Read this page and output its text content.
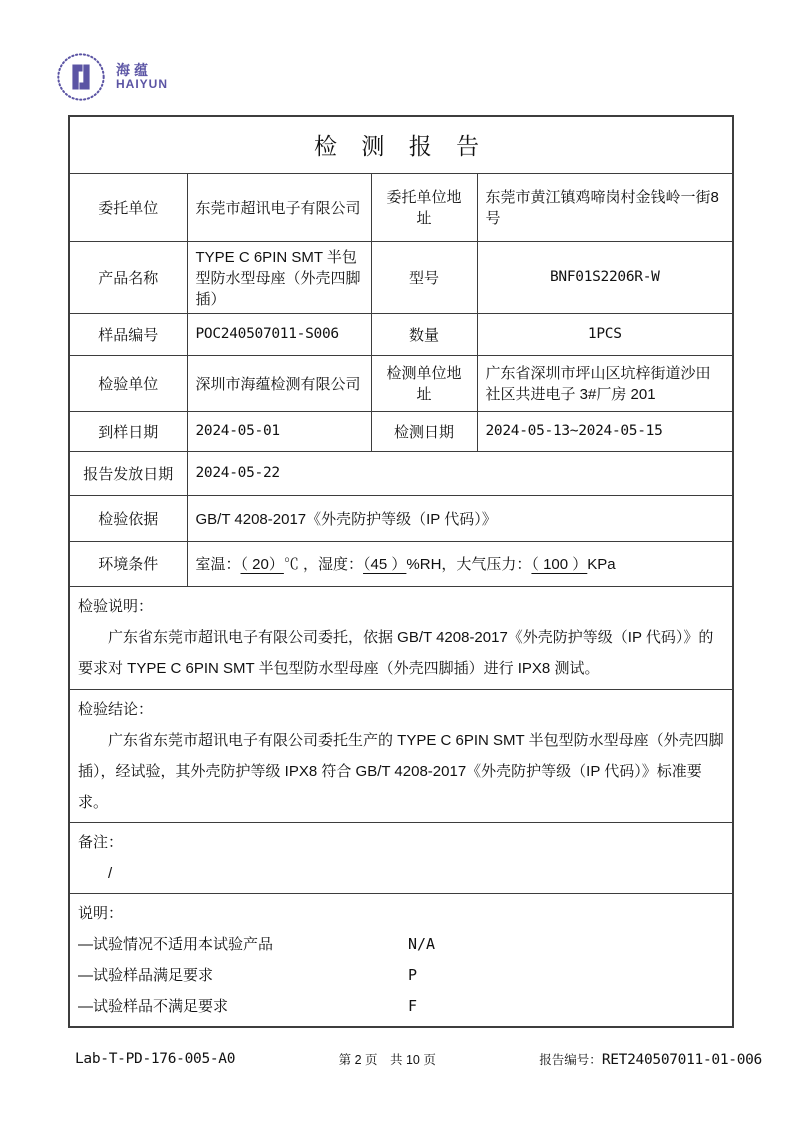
海蕴
HAIYUN
检 测 报 告			
委托单位	东莞市超讯电子有限公司	委托单位地址	东莞市黄江镇鸡啼岗村金钱岭一街8 号
产品名称	TYPE C 6PIN SMT 半包型防水型母座（外壳四脚插）	型号	BNF01S2206R-W
样品编号	POC240507011-S006	数量	1PCS
检验单位	深圳市海蕴检测有限公司	检测单位地址	广东省深圳市坪山区坑梓街道沙田社区共进电子 3#厂房 201
到样日期	2024-05-01	检测日期	2024-05-13~2024-05-15
报告发放日期	2024-05-22		
检验依据	GB/T 4208-2017《外壳防护等级（IP 代码）》		
环境条件	室温：（ 20）℃ ，湿度：（45 ）%RH，大气压力：（ 100 ）KPa		

检验说明：

广东省东莞市超讯电子有限公司委托，依据 GB/T 4208-2017《外壳防护等级（IP 代码）》的要求对 TYPE C 6PIN SMT 半包型防水型母座（外壳四脚插）进行 IPX8 测试。			

检验结论：

广东省东莞市超讯电子有限公司委托生产的 TYPE C 6PIN SMT 半包型防水型母座（外壳四脚插），经试验，其外壳防护等级 IPX8 符合 GB/T 4208-2017《外壳防护等级（IP 代码）》标准要求。			

备注：

/			

说明：

—试验情况不适用本试验产品	N/A
—试验样品满足要求	P
—试验样品不满足要求	F
Lab-T-PD-176-005-A0	第 2 页　共 10 页	报告编号：RET240507011-01-006
